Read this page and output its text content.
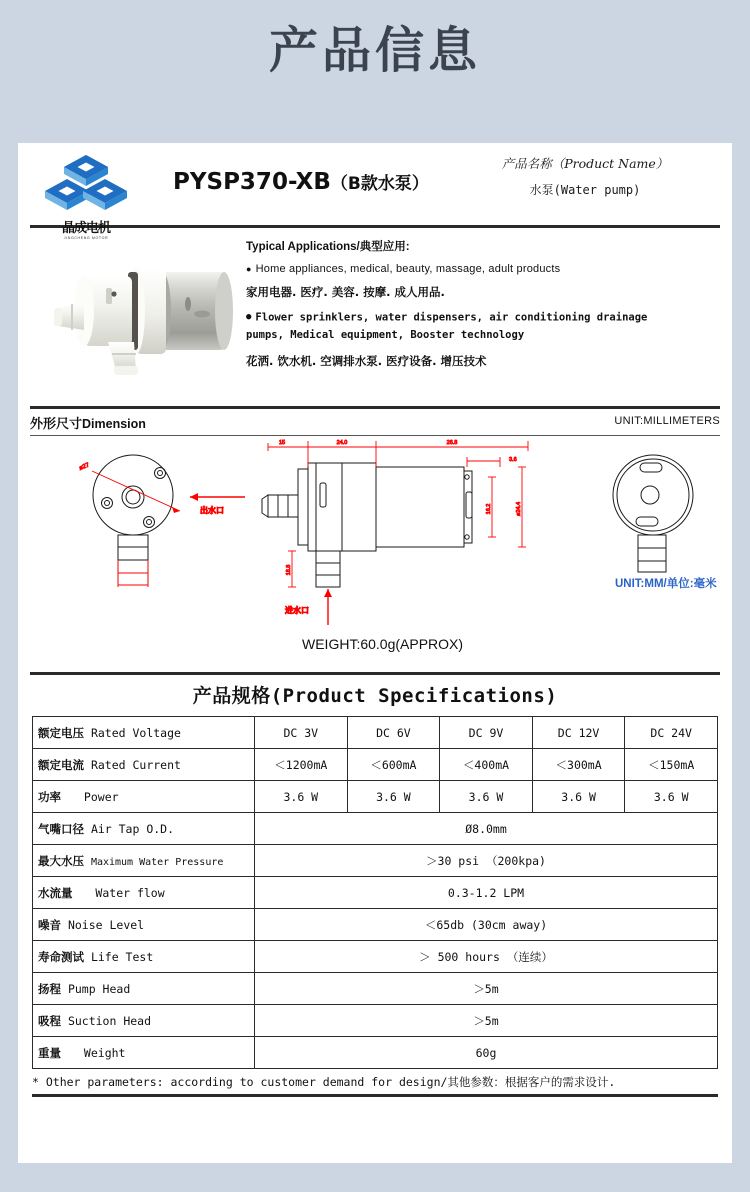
产品信息
晶成电机
JINGCHENG MOTOR
PYSP370-XB（B款水泵）
产品名称（Product Name）
水泵(Water pump)
Typical Applications/典型应用:
● Home appliances, medical, beauty, massage, adult products
家用电器. 医疗. 美容. 按摩. 成人用品.
● Flower sprinklers, water dispensers, air conditioning drainage
pumps, Medical equipment, Booster technology
花洒. 饮水机. 空调排水泵. 医疗设备. 增压技术
外形尺寸Dimension	UNIT:MILLIMETERS
15	24.0	26.8
3.6
16.2	ø24.4
18.8
ø27
出水口
进水口
UNIT:MM/单位:毫米
WEIGHT:60.0g(APPROX)
产品规格(Product Specifications)
额定电压 Rated Voltage	DC 3V	DC 6V	DC 9V	DC 12V	DC 24V
额定电流 Rated Current	＜1200mA	＜600mA	＜400mA	＜300mA	＜150mA
功率 Power	3.6 W	3.6 W	3.6 W	3.6 W	3.6 W
气嘴口径 Air Tap O.D.	Ø8.0mm				
最大水压 Maximum Water Pressure	＞30 psi （200kpa)				
水流量 Water flow	0.3-1.2 LPM				
噪音 Noise Level	＜65db (30cm away)				
寿命测试 Life Test	＞ 500 hours （连续）				
扬程 Pump Head	＞5m				
吸程 Suction Head	＞5m				
重量 Weight	60g				
* Other parameters: according to customer demand for design/其他参数：根据客户的需求设计.
